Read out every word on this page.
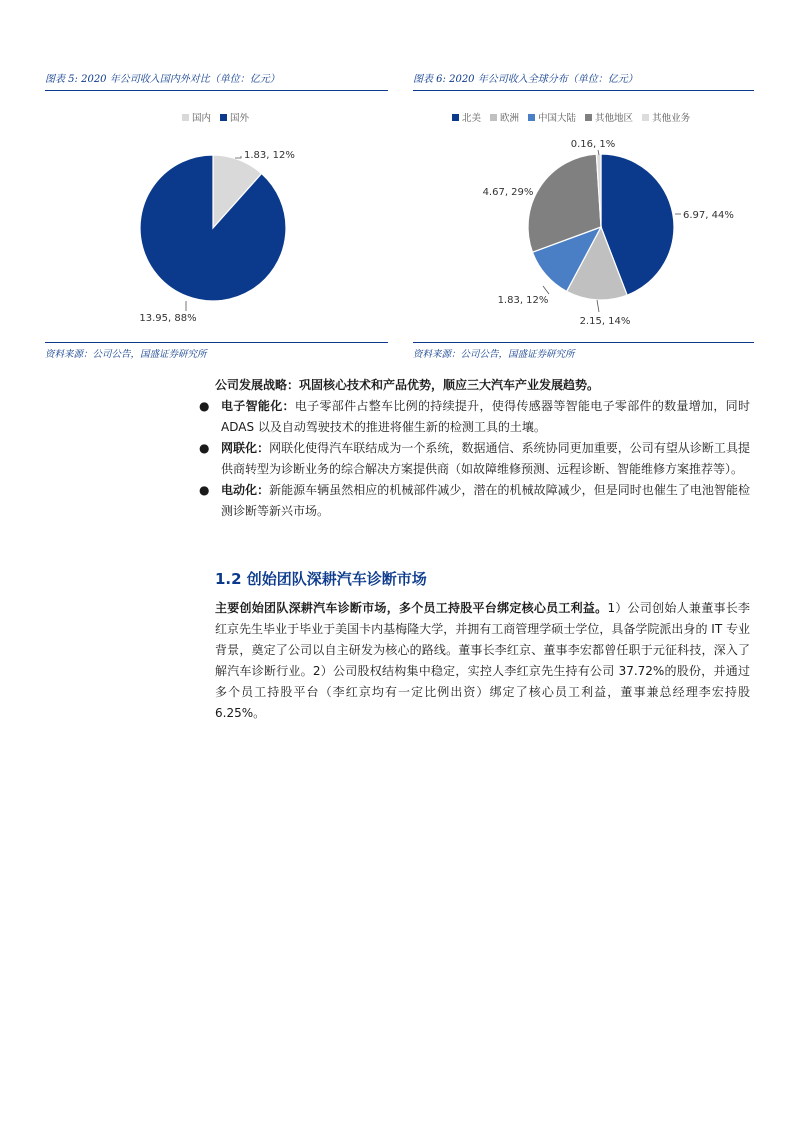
图表 5: 2020 年公司收入国内外对比（单位：亿元）
国内 国外
1.83, 12%
13.95, 88%
资料来源：公司公告，国盛证券研究所
图表 6: 2020 年公司收入全球分布（单位：亿元）
北美 欧洲 中国大陆 其他地区 其他业务
6.97, 44%
2.15, 14%
1.83, 12%
4.67, 29%
0.16, 1%
资料来源：公司公告，国盛证券研究所
公司发展战略：巩固核心技术和产品优势，顺应三大汽车产业发展趋势。
● 电子智能化：电子零部件占整车比例的持续提升，使得传感器等智能电子零部件的数量增加，同时 ADAS 以及自动驾驶技术的推进将催生新的检测工具的土壤。
● 网联化：网联化使得汽车联结成为一个系统，数据通信、系统协同更加重要，公司有望从诊断工具提供商转型为诊断业务的综合解决方案提供商（如故障维修预测、远程诊断、智能维修方案推荐等）。
● 电动化：新能源车辆虽然相应的机械部件减少，潜在的机械故障减少，但是同时也催生了电池智能检测诊断等新兴市场。
1.2 创始团队深耕汽车诊断市场
主要创始团队深耕汽车诊断市场，多个员工持股平台绑定核心员工利益。1）公司创始人兼董事长李红京先生毕业于毕业于美国卡内基梅隆大学，并拥有工商管理学硕士学位，具备学院派出身的 IT 专业背景，奠定了公司以自主研发为核心的路线。董事长李红京、董事李宏都曾任职于元征科技，深入了解汽车诊断行业。2）公司股权结构集中稳定，实控人李红京先生持有公司 37.72%的股份，并通过多个员工持股平台（李红京均有一定比例出资）绑定了核心员工利益，董事兼总经理李宏持股 6.25%。
